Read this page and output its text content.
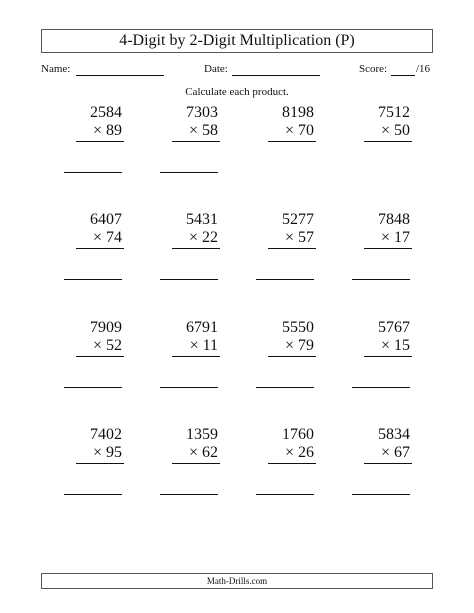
4-Digit by 2-Digit Multiplication (P)
Name:	Date:	Score:	/16
Calculate each product.
2584
× 89
7303
× 58
8198
× 70
7512
× 50
6407
× 74
5431
× 22
5277
× 57
7848
× 17
7909
× 52
6791
× 11
5550
× 79
5767
× 15
7402
× 95
1359
× 62
1760
× 26
5834
× 67
Math-Drills.com
